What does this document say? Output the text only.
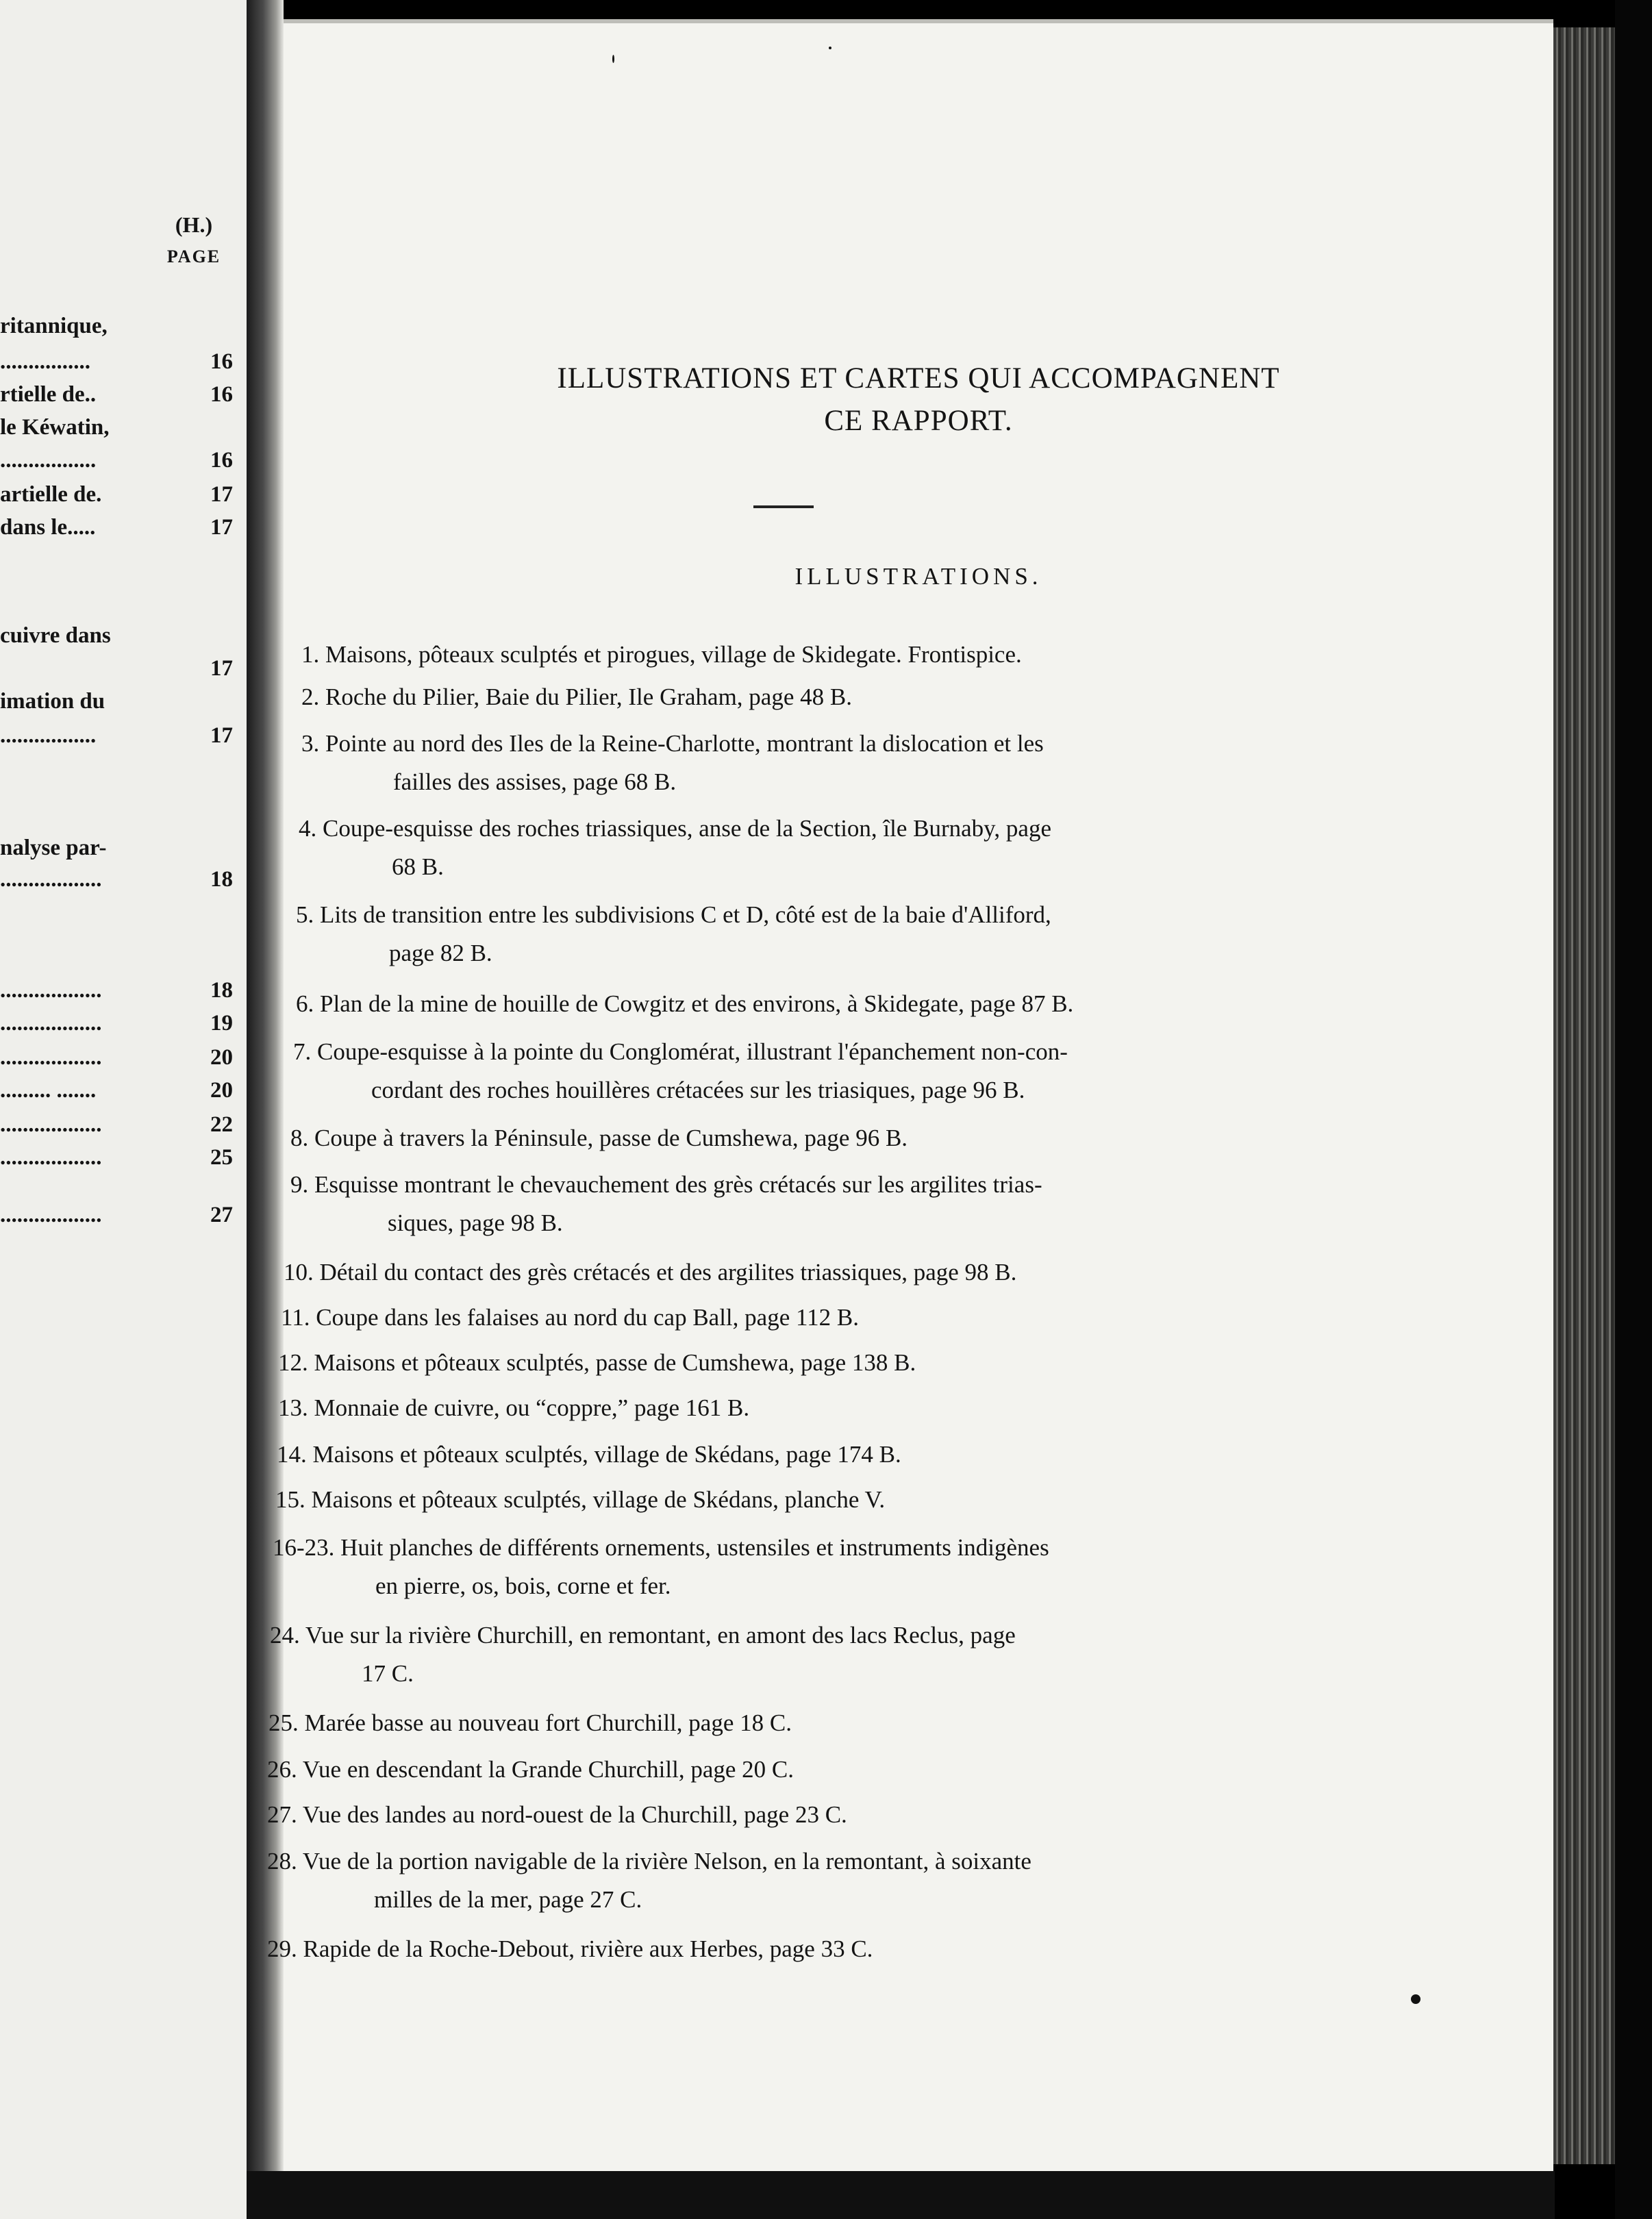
(H.)
PAGE
ritannique,
................	16
rtielle de..	16
le Kéwatin,
.................	16
artielle de.	17
dans le.....	17
cuivre dans
17
imation du
.................	17
nalyse par-
..................	18
..................	18
..................	19
..................	20
......... .......	20
..................	22
..................	25
..................	27
ILLUSTRATIONS ET CARTES QUI ACCOMPAGNENT
CE RAPPORT.
ILLUSTRATIONS.
1. Maisons, pôteaux sculptés et pirogues, village de Skidegate. Frontispice.
2. Roche du Pilier, Baie du Pilier, Ile Graham, page 48 B.
3. Pointe au nord des Iles de la Reine-Charlotte, montrant la dislocation et les
failles des assises, page 68 B.
4. Coupe-esquisse des roches triassiques, anse de la Section, île Burnaby, page
68 B.
5. Lits de transition entre les subdivisions C et D, côté est de la baie d'Alliford,
page 82 B.
6. Plan de la mine de houille de Cowgitz et des environs, à Skidegate, page 87 B.
7. Coupe-esquisse à la pointe du Conglomérat, illustrant l'épanchement non-con-
cordant des roches houillères crétacées sur les triasiques, page 96 B.
8. Coupe à travers la Péninsule, passe de Cumshewa, page 96 B.
9. Esquisse montrant le chevauchement des grès crétacés sur les argilites trias-
siques, page 98 B.
10. Détail du contact des grès crétacés et des argilites triassiques, page 98 B.
11. Coupe dans les falaises au nord du cap Ball, page 112 B.
12. Maisons et pôteaux sculptés, passe de Cumshewa, page 138 B.
13. Monnaie de cuivre, ou “coppre,” page 161 B.
14. Maisons et pôteaux sculptés, village de Skédans, page 174 B.
15. Maisons et pôteaux sculptés, village de Skédans, planche V.
16-23. Huit planches de différents ornements, ustensiles et instruments indigènes
en pierre, os, bois, corne et fer.
24. Vue sur la rivière Churchill, en remontant, en amont des lacs Reclus, page
17 C.
25. Marée basse au nouveau fort Churchill, page 18 C.
26. Vue en descendant la Grande Churchill, page 20 C.
27. Vue des landes au nord-ouest de la Churchill, page 23 C.
28. Vue de la portion navigable de la rivière Nelson, en la remontant, à soixante
milles de la mer, page 27 C.
29. Rapide de la Roche-Debout, rivière aux Herbes, page 33 C.
